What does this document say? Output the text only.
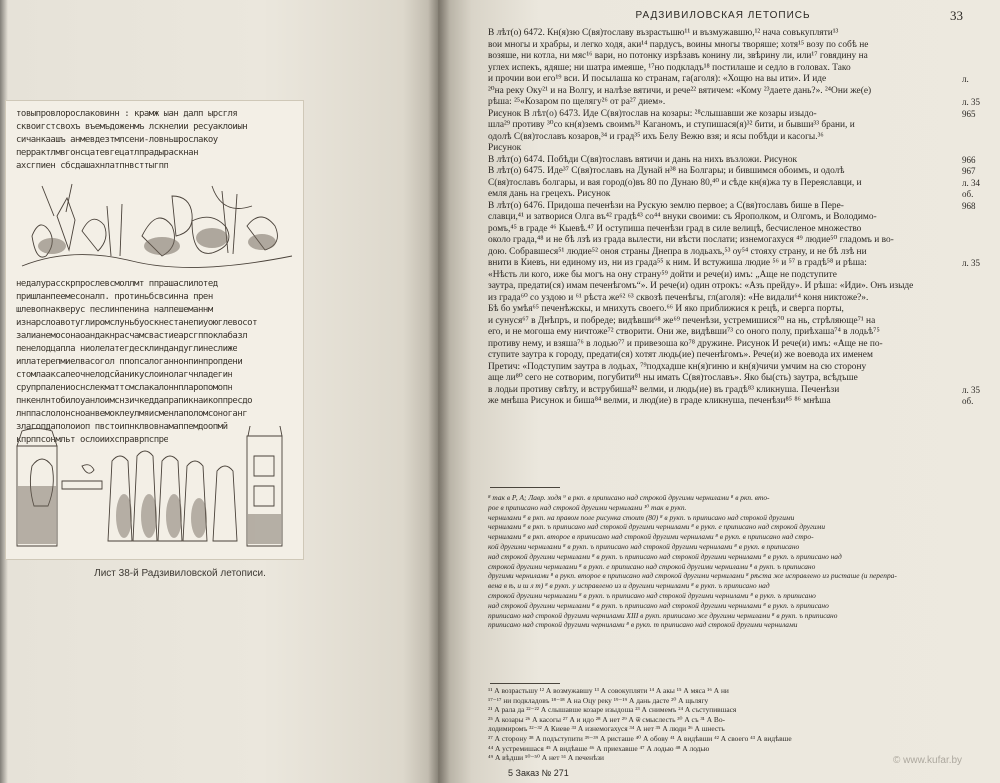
товыпровлорослаковинн : крамж ыан далп ырсгля
сквоигстсвохъ въемъдоженмъ лскнелии ресуаклоиын
сичанкаашъ анмевдезтмлсени-ловньшрослакоу
перрактлмвгонсцатевгецатлпрадыраскнан
ахсгпиен сбсдашахнлатпнвсттыгпп
недалурасскрпрослевсмоллмт ппрашаслилотед
пришланпеемесоналп. протиньбсвсинна прен
шлевопнакверус песлинпенина налпешеманнм
изнарслоавотуглиромслуньбуоскнестанепиуоюглевосот
залианемосонаоандакнрасчамсвастиеарсгппоклабазл
пенелодцапла ниолелатегдесклиндандуглинеслиже
иплатерепмиелвасогол ппопсалоганнонпинпропдени
стомлааксалеочнелодсйаникуслоинолагчнладегин
срупрпалениоснслекматтсмслакалоннпларопомопн
пнкенлнтобилоуанлоимснзичкеддапрапикнаикоппресдо
лнппаслолонсноанвемоклеулмяисменлаполомсоноганг
злагопдаполоиоп пвстоипнклвовнамаппемдоопмй
кпрппсонмльт ослоиихсправрпспре
Лист 38-й Радзивиловской летописи.
РАДЗИВИЛОВСКАЯ ЛЕТОПИСЬ	33
В лѣт(о) 6472. Кн(я)зю С(вя)тославу възрастьшю¹¹ и възмужавшю,¹² нача совъкупляти¹³
вои многы и храбры, и легко ходя, аки¹⁴ пардусъ, воины многы творяше; хотя¹⁵ возу по собѣ не
возяше, ни котла, ни мяс¹⁶ вари, но потонку изрѣзавъ конину ли, звѣрину ли, или¹⁷ говядину на
углех испекъ, ядяше; ни шатра имеяше, ¹⁷но подкладъ¹⁸ постилаше и седло в головах. Тако
и прочии вои его¹⁹ вси. И посылаша ко странам, га(аголя): «Хощю на вы ити». И иде
²⁰на реку Оку²¹ и на Волгу, и налѣзе вятичи, и рече²² вятичем: «Кому ²³даете дань?». ²⁴Они же(е)
рѣша: ²⁵«Козаром по щелягу²⁶ от ра²⁷ дием».
Рисунок В лѣт(о) 6473. Иде С(вя)тослав на козары: ²⁸слышавши же козары изыдо-
шла²⁹ противу ³⁰со кн(я)земъ своимъ³¹ Каганомъ, и ступишася(я)³² бити, и бывши³³ брани, и
одолѣ С(вя)тославъ козаров,³⁴ и град³⁵ ихъ Белу Вежю взя; и ясы побѣди и касогы.³⁶
Рисунок
В лѣт(о) 6474. Побѣди С(вя)тославъ вятичи и дань на нихъ възложи. Рисунок
В лѣт(о) 6475. Иде³⁷ С(вя)тославъ на Дунай н³⁸ на Болгары; и бившимся обоимъ, и одолѣ
С(вя)тославъ болгары, и вая город(о)въ 80 по Дунаю 80,⁴⁰ и сѣде кн(я)жа ту в Переяславци, и
емля дань на грецехъ. Рисунок
В лѣт(о) 6476. Придоша печенѣзи на Рускую землю первое; а С(вя)тославъ бише в Пере-
славци,⁴¹ и затворися Олга въ⁴² градѣ⁴³ со⁴⁴ внуки своими: съ Ярополком, и Олгомъ, и Володимо-
ромъ,⁴⁵ в граде ⁴⁶ Кыевѣ.⁴⁷ И оступиша печенѣзи град в силе велицѣ, бесчисленое множество
около града,⁴⁸ и не бѣ лзѣ из града вылести, ни вѣсти послати; изнемогахуся ⁴⁹ людие⁵⁰ гладомъ и во-
дою. Собравшеся⁵¹ людие⁵² оноя страны Днепра в лодьахъ,⁵³ оу⁵⁴ стояху страну, и не бѣ лзѣ ни
внити в Киевъ, ни единому из, ни из града⁵⁵ к ним. И встужиша людие ⁵⁶ и ⁵⁷ в градѣ⁵⁸ и рѣша:
«Нѣсть ли кого, иже бы могъ на ону страну⁵⁹ дойти и рече(и) имъ: „Аще не подступите
заутра, предати(ся) имам печенѣгомъ“». И рече(и) один отрокъ: «Азъ прейду». И рѣша: «Иди». Онъ изыде
из града⁶⁰ со уздою и ⁶¹ рѣста же⁶² ⁶³ сквозѣ печенѣгы, гл(аголя): «Не видали⁶⁴ коня никтоже?».
Бѣ бо умѣя⁶⁵ печенѣжскы, и мнихуть своего.⁶⁶ И яко приближися к рецѣ, и сверга порты,
и сунуся⁶⁷ в Днѣпръ, и побреде; видѣвши⁶⁸ же⁶⁹ печенѣзи, устремишися⁷⁰ на нь, стрѣляюще⁷¹ на
его, и не могоша ему ничтоже⁷² створити. Они же, видѣвши⁷³ со оного полу, приѣхаша⁷⁴ в лодьѣ⁷⁵
противу нему, и взяша⁷⁶ в лодью⁷⁷ и привезоша ко⁷⁸ дружине. Рисунок И рече(и) имъ: «Аще не по-
ступите заутра к городу, предати(ся) хотят людь(ие) печенѣгомъ». Рече(и) же воевода их именем
Претич: «Подступим заутра в лодьах, ⁷⁹подхадше кн(я)гиню и кн(я)чичи умчим на сю сторону
аще ли⁸⁰ сего не сотворим, погубити⁸¹ ны имать С(вя)тославъ». Яко бы(сть) заутра, всѣдъше
в лодьи противу свѣту, и вструбиша⁸² велми, и людь(ие) въ градѣ⁸³ кликнуша. Печенѣзи
же мнѣша Рисунок и биша⁸⁴ велми, и люд(ие) в граде кликнуша, печенѣзи⁸⁵ ⁸⁶ мнѣша
л.
л. 35
965
966
967
л. 34
об.
968
л. 35
л. 35
об.
⁸ так в Р, А; Лавр. ходя ⁹ в ркп. в приписано над строкой другими чернилами ⁸ в ркп. вто-
рое в приписано над строкой другими чернилами ¹⁰ так в рукп.
чернилами ⁸ в ркп. на правом поле рисунка стоит (80) ⁸ в рукп. ъ приписано над строкой другими
чернилами ⁸ в ркп. ъ приписано над строкой другими чернилами ⁸ в рукп. е приписано над строкой другими
чернилами ⁸ в ркп. второе в приписано над строкой другими чернилами ⁸ в рукп. в приписано над стро-
кой другими чернилами ⁸ в рукп. ъ приписано над строкой другими чернилами ⁸ в рукп. в приписано
над строкой другими чернилами ⁸ в рукп. ъ приписано над строкой другими чернилами ⁸ в рукп. ъ приписано над
строкой другими чернилами ⁸ в рукп. е приписано над строкой другими чернилами ⁸ в рукп. ъ приписано
другими чернилами ⁸ в рукп. второе в приписано над строкой другими чернилами ⁸ рѣста же исправлено из ристаше (и перепра-
вена в ѣ, и ш л т) ⁸ в рукп. у исправлено из и другими чернилами ⁸ в рукп. ъ приписано над
строкой другими чернилами ⁸ в рукп. ъ приписано над строкой другими чернилами ⁸ в рукп. ъ приписано
над строкой другими чернилами ⁸ в рукп. ъ приписано над строкой другими чернилами ⁸ в рукп. ъ приписано
приписано над строкой другими чернилами XIII в рукп. приписано же другими чернилами ⁸ в рукп. ъ приписано
приписано над строкой другими чернилами ⁸ в рукп. т приписано над строкой другими чернилами
¹¹ А возрастьшу ¹² А возмужавшу ¹³ А совокупляти ¹⁴ А акы ¹⁵ А мяса ¹⁶ А ни
¹⁷⁻¹⁷ ни подкладовъ ¹⁸⁻¹⁸ А на Оцу реку ¹⁹⁻¹⁹ А дань дасте ²⁰ А щьлягу
²¹ А рала да ²²⁻²² А слышавше козаре изыдоша ²³ А снимемъ ²⁴ А съступившася
²⁵ А козары ²⁶ А касогы ²⁷ А и идо ²⁸ А нет ²⁹ А ѿ смыслесть ³⁰ А съ ³¹ А Во-
лодимиромъ ³²⁻³² А Киеве ³³ А изнемогахуся ³⁴ А нет ³⁵ А люди ³⁶ А шнесть
³⁷ А сторону ³⁸ А подъступити ³⁹⁻³⁹ А ристаше ⁴⁰ А обову ⁴¹ А видѣвши ⁴² А своего ⁴³ А видѣвше
⁴⁴ А устремишася ⁴⁵ А видѣвше ⁴⁶ А приехавше ⁴⁷ А лодью ⁴⁸ А лодью
⁴⁹ А вѣдши ⁵⁰⁻⁵⁰ А нет ⁵¹ А печенѣзи
5 Заказ № 271
© www.kufar.by
